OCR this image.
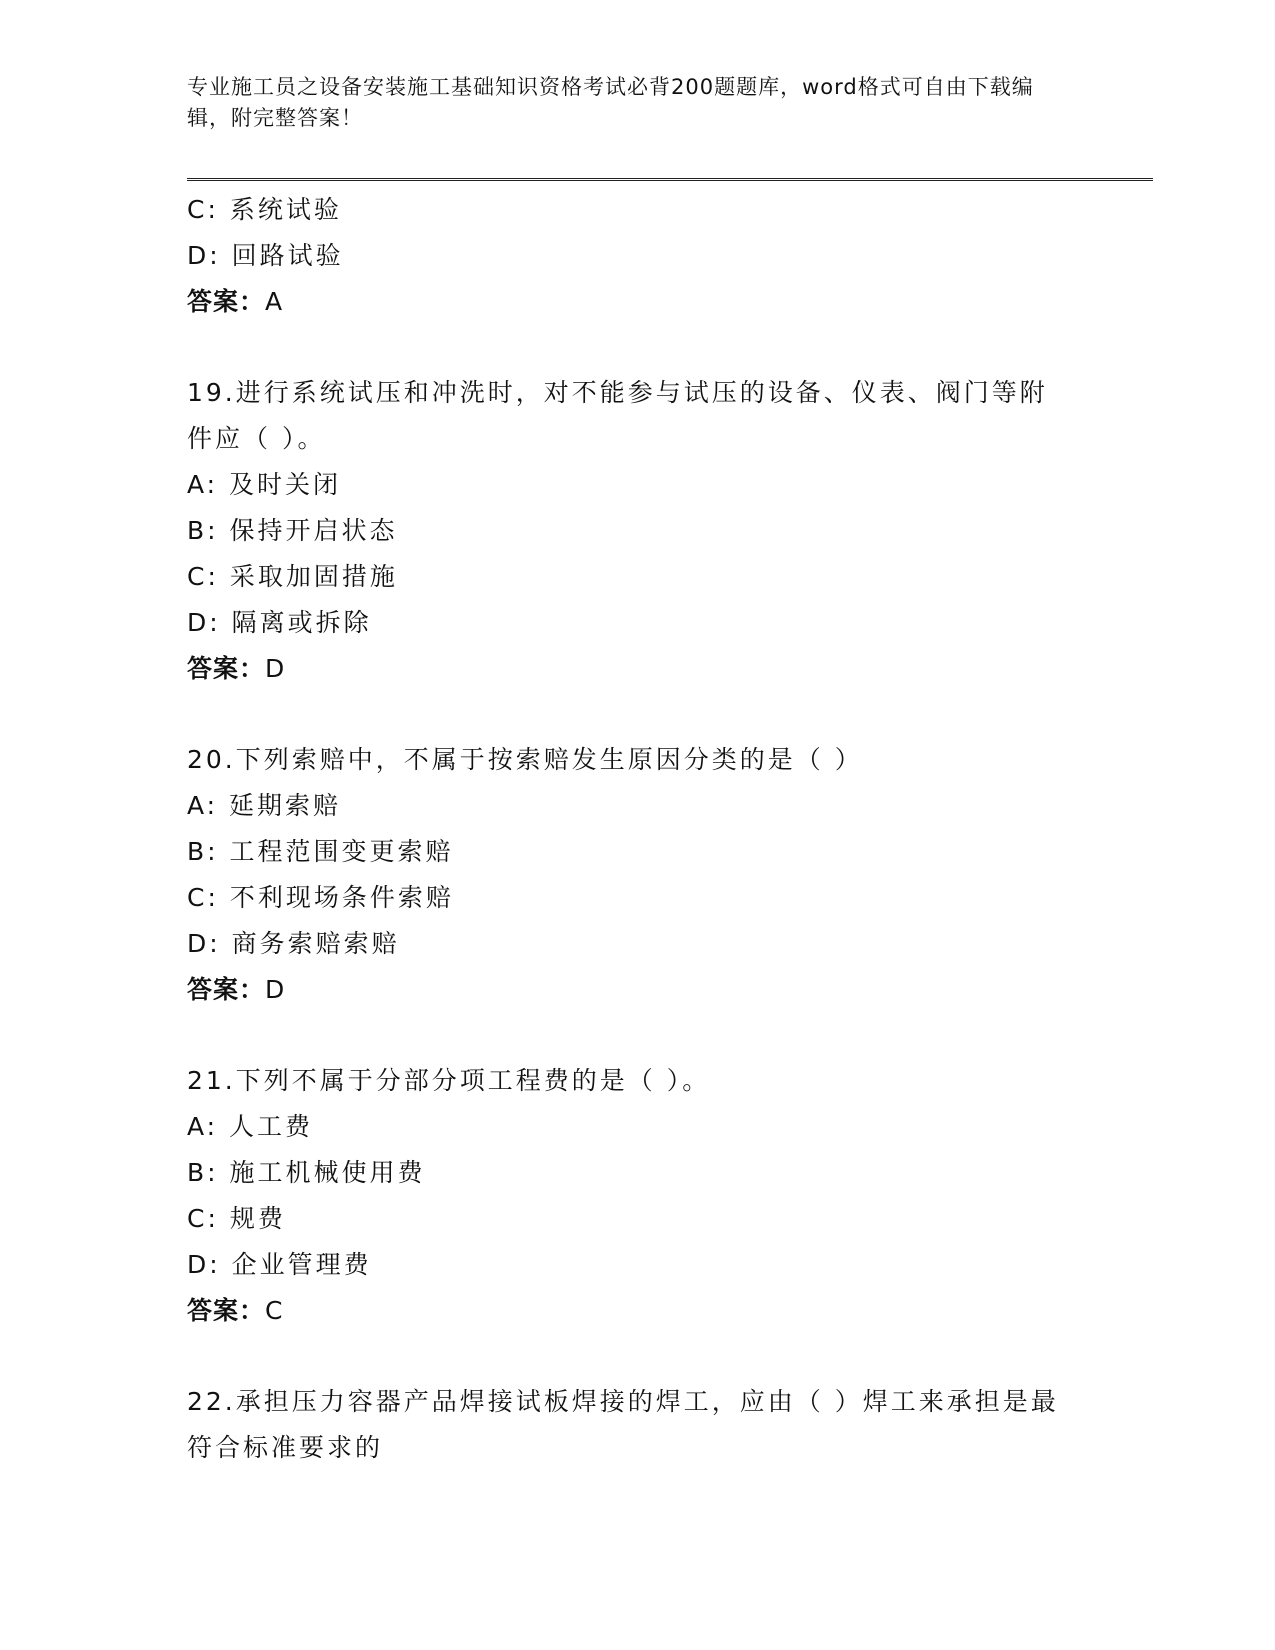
专业施工员之设备安装施工基础知识资格考试必背200题题库，word格式可自由下载编辑，附完整答案！

C: 系统试验

D: 回路试验

答案：A

19.进行系统试压和冲洗时，对不能参与试压的设备、仪表、阀门等附件应（ ）。

A: 及时关闭

B: 保持开启状态

C: 采取加固措施

D: 隔离或拆除

答案：D

20.下列索赔中，不属于按索赔发生原因分类的是（ ）

A: 延期索赔

B: 工程范围变更索赔

C: 不利现场条件索赔

D: 商务索赔索赔

答案：D

21.下列不属于分部分项工程费的是（ ）。

A: 人工费

B: 施工机械使用费

C: 规费

D: 企业管理费

答案：C

22.承担压力容器产品焊接试板焊接的焊工，应由（ ）焊工来承担是最符合标准要求的
